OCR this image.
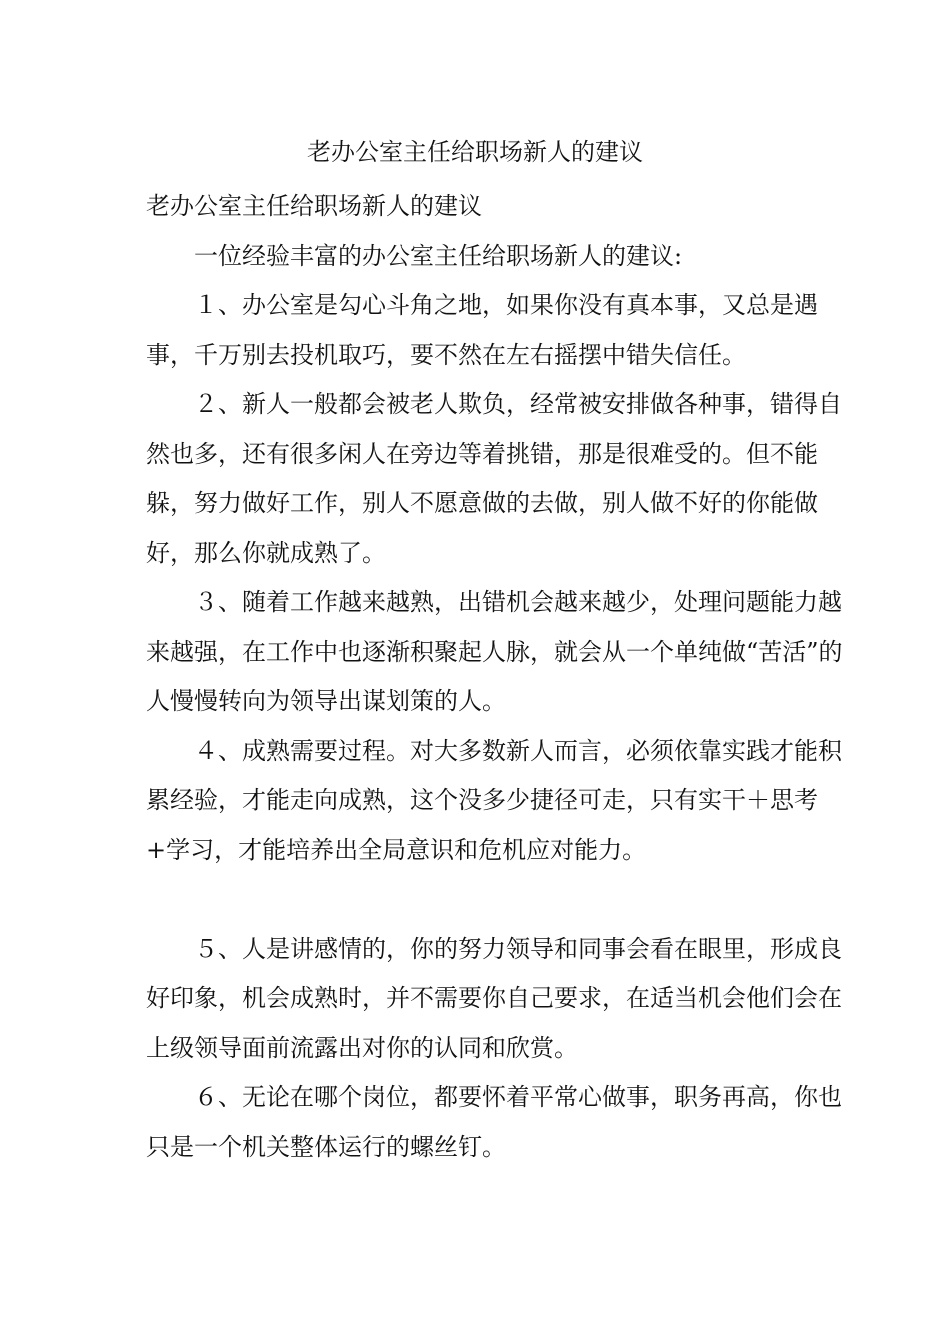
老办公室主任给职场新人的建议

老办公室主任给职场新人的建议

一位经验丰富的办公室主任给职场新人的建议:

１、办公室是勾心斗角之地，如果你没有真本事，又总是遇事，千万别去投机取巧，要不然在左右摇摆中错失信任。

２、新人一般都会被老人欺负，经常被安排做各种事，错得自然也多，还有很多闲人在旁边等着挑错，那是很难受的。但不能躲，努力做好工作，别人不愿意做的去做，别人做不好的你能做好，那么你就成熟了。

３、随着工作越来越熟，出错机会越来越少，处理问题能力越来越强，在工作中也逐渐积聚起人脉，就会从一个单纯做“苦活”的人慢慢转向为领导出谋划策的人。

４、成熟需要过程。对大多数新人而言，必须依靠实践才能积累经验，才能走向成熟，这个没多少捷径可走，只有实干＋思考+学习，才能培养出全局意识和危机应对能力。

５、人是讲感情的，你的努力领导和同事会看在眼里，形成良好印象，机会成熟时，并不需要你自己要求，在适当机会他们会在上级领导面前流露出对你的认同和欣赏。

６、无论在哪个岗位，都要怀着平常心做事，职务再高，你也只是一个机关整体运行的螺丝钉。
